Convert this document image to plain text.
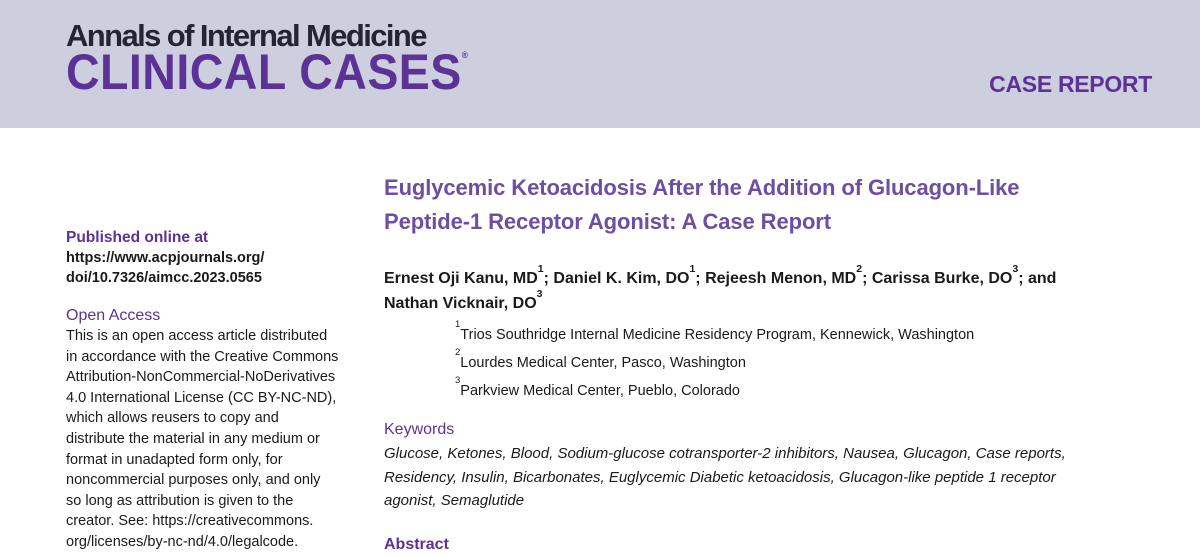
Annals of Internal Medicine
CLINICAL CASES®
CASE REPORT
Published online at
https://www.acpjournals.org/
doi/10.7326/aimcc.2023.0565
Open Access
This is an open access article distributed
in accordance with the Creative Commons
Attribution-NonCommercial-NoDerivatives
4.0 International License (CC BY-NC-ND),
which allows reusers to copy and
distribute the material in any medium or
format in unadapted form only, for
noncommercial purposes only, and only
so long as attribution is given to the
creator. See: https://creativecommons.
org/licenses/by-nc-nd/4.0/legalcode.
Euglycemic Ketoacidosis After the Addition of Glucagon-Like
Peptide-1 Receptor Agonist: A Case Report
Ernest Oji Kanu, $MD^1$; Daniel K. Kim, $DO^1$; Rejeesh Menon, $MD^2$; Carissa Burke, $DO^3$; and
Nathan Vicknair, $DO^3$
$^1$Trios Southridge Internal Medicine Residency Program, Kennewick, Washington
$^2$Lourdes Medical Center, Pasco, Washington
$^3$Parkview Medical Center, Pueblo, Colorado
Keywords
Glucose, Ketones, Blood, Sodium-glucose cotransporter-2 inhibitors, Nausea, Glucagon, Case reports,
Residency, Insulin, Bicarbonates, Euglycemic Diabetic ketoacidosis, Glucagon-like peptide 1 receptor
agonist, Semaglutide
Abstract
